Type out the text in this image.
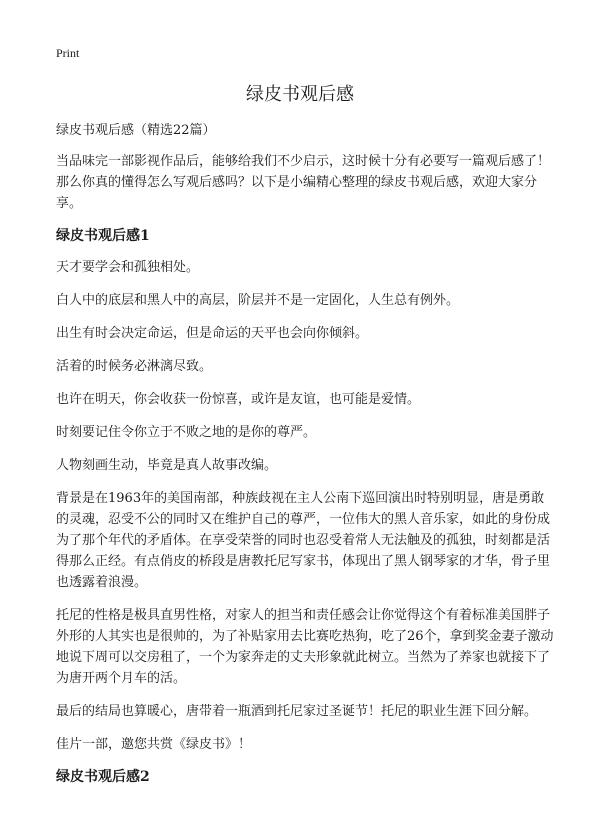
Print
绿皮书观后感

绿皮书观后感（精选22篇）

当品味完一部影视作品后，能够给我们不少启示，这时候十分有必要写一篇观后感了！那么你真的懂得怎么写观后感吗？以下是小编精心整理的绿皮书观后感，欢迎大家分享。

绿皮书观后感1

天才要学会和孤独相处。

白人中的底层和黑人中的高层，阶层并不是一定固化，人生总有例外。

出生有时会决定命运，但是命运的天平也会向你倾斜。

活着的时候务必淋漓尽致。

也许在明天，你会收获一份惊喜，或许是友谊，也可能是爱情。

时刻要记住令你立于不败之地的是你的尊严。

人物刻画生动，毕竟是真人故事改编。

背景是在1963年的美国南部，种族歧视在主人公南下巡回演出时特别明显，唐是勇敢的灵魂，忍受不公的同时又在维护自己的尊严，一位伟大的黑人音乐家，如此的身份成为了那个年代的矛盾体。在享受荣誉的同时也忍受着常人无法触及的孤独，时刻都是活得那么正经。有点俏皮的桥段是唐教托尼写家书，体现出了黑人钢琴家的才华，骨子里也透露着浪漫。

托尼的性格是极具直男性格，对家人的担当和责任感会让你觉得这个有着标准美国胖子外形的人其实也是很帅的，为了补贴家用去比赛吃热狗，吃了26个，拿到奖金妻子激动地说下周可以交房租了，一个为家奔走的丈夫形象就此树立。当然为了养家也就接下了为唐开两个月车的活。

最后的结局也算暖心，唐带着一瓶酒到托尼家过圣诞节！托尼的职业生涯下回分解。

佳片一部，邀您共赏《绿皮书》！

绿皮书观后感2
